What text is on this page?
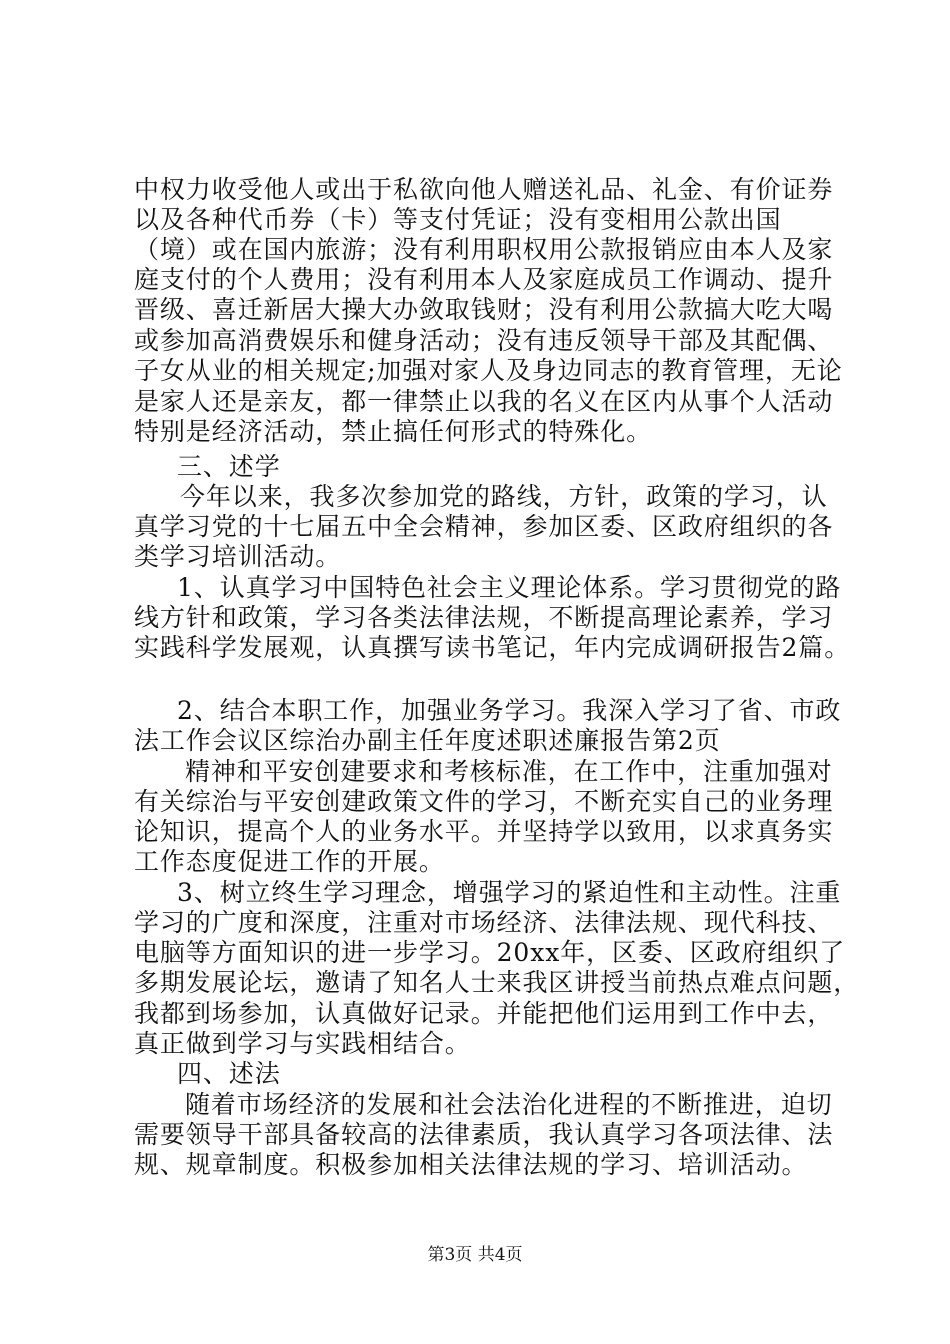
中权力收受他人或出于私欲向他人赠送礼品、礼金、有价证券
以及各种代币券（卡）等支付凭证；没有变相用公款出国
（境）或在国内旅游；没有利用职权用公款报销应由本人及家
庭支付的个人费用；没有利用本人及家庭成员工作调动、提升
晋级、喜迁新居大操大办敛取钱财；没有利用公款搞大吃大喝
或参加高消费娱乐和健身活动；没有违反领导干部及其配偶、
子女从业的相关规定;加强对家人及身边同志的教育管理，无论
是家人还是亲友，都一律禁止以我的名义在区内从事个人活动
特别是经济活动，禁止搞任何形式的特殊化。
三、述学
今年以来，我多次参加党的路线，方针，政策的学习，认
真学习党的十七届五中全会精神，参加区委、区政府组织的各
类学习培训活动。
1、认真学习中国特色社会主义理论体系。学习贯彻党的路
线方针和政策，学习各类法律法规，不断提高理论素养，学习
实践科学发展观，认真撰写读书笔记，年内完成调研报告2篇。
2、结合本职工作，加强业务学习。我深入学习了省、市政
法工作会议区综治办副主任年度述职述廉报告第2页
精神和平安创建要求和考核标准，在工作中，注重加强对
有关综治与平安创建政策文件的学习，不断充实自己的业务理
论知识，提高个人的业务水平。并坚持学以致用，以求真务实
工作态度促进工作的开展。
3、树立终生学习理念，增强学习的紧迫性和主动性。注重
学习的广度和深度，注重对市场经济、法律法规、现代科技、
电脑等方面知识的进一步学习。20xx年，区委、区政府组织了
多期发展论坛，邀请了知名人士来我区讲授当前热点难点问题，
我都到场参加，认真做好记录。并能把他们运用到工作中去，
真正做到学习与实践相结合。
四、述法
随着市场经济的发展和社会法治化进程的不断推进，迫切
需要领导干部具备较高的法律素质，我认真学习各项法律、法
规、规章制度。积极参加相关法律法规的学习、培训活动。
第3页 共4页
